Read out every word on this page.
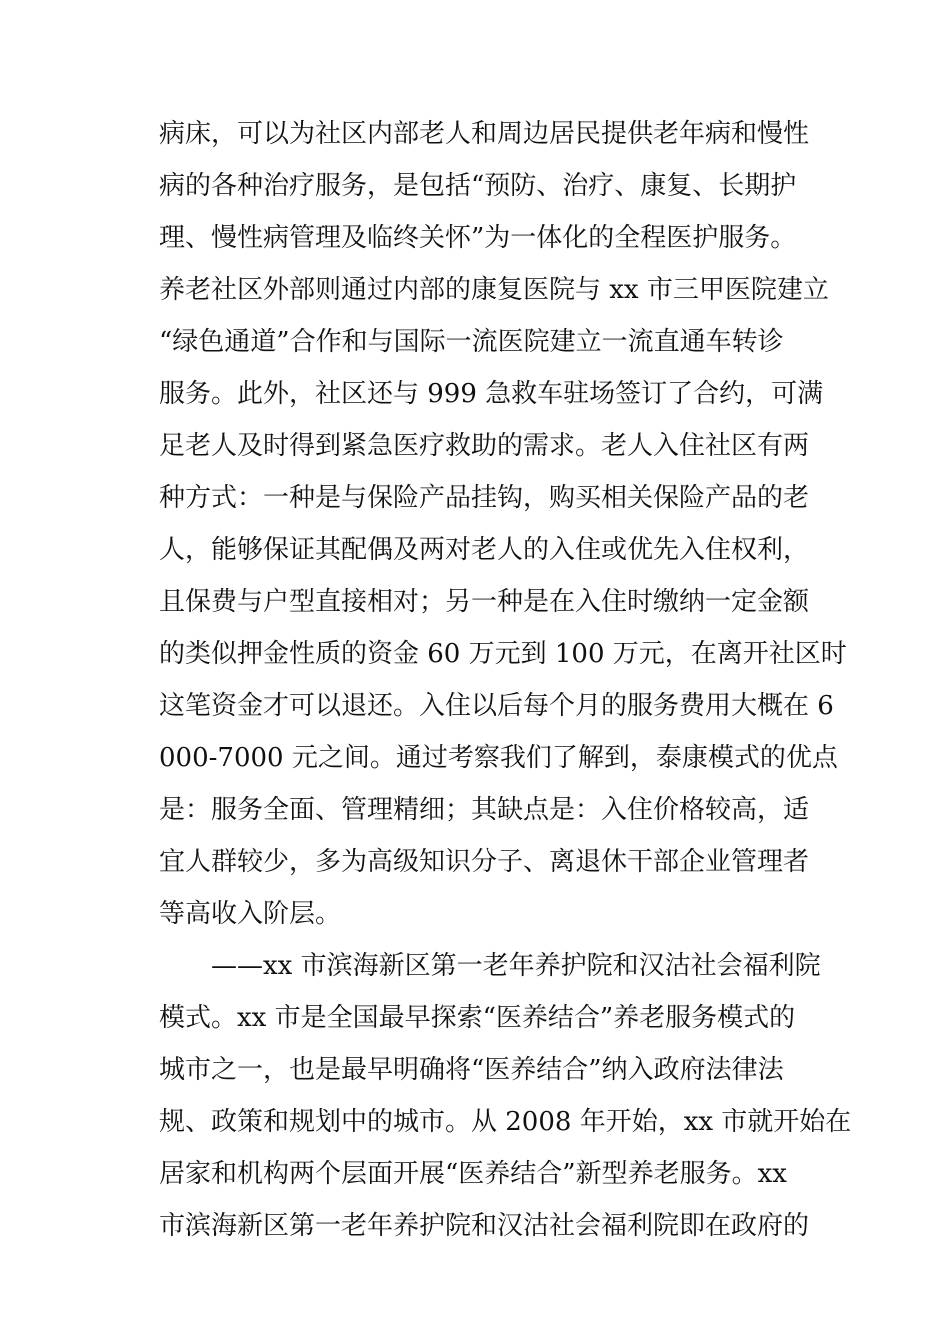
病床，可以为社区内部老人和周边居民提供老年病和慢性
病的各种治疗服务，是包括“预防、治疗、康复、长期护
理、慢性病管理及临终关怀”为一体化的全程医护服务。
养老社区外部则通过内部的康复医院与 xx 市三甲医院建立
“绿色通道”合作和与国际一流医院建立一流直通车转诊
服务。此外，社区还与 999 急救车驻场签订了合约，可满
足老人及时得到紧急医疗救助的需求。老人入住社区有两
种方式：一种是与保险产品挂钩，购买相关保险产品的老
人，能够保证其配偶及两对老人的入住或优先入住权利，
且保费与户型直接相对；另一种是在入住时缴纳一定金额
的类似押金性质的资金 60 万元到 100 万元，在离开社区时
这笔资金才可以退还。入住以后每个月的服务费用大概在 6
000-7000 元之间。通过考察我们了解到，泰康模式的优点
是：服务全面、管理精细；其缺点是：入住价格较高，适
宜人群较少，多为高级知识分子、离退休干部企业管理者
等高收入阶层。
——xx 市滨海新区第一老年养护院和汉沽社会福利院
模式。xx 市是全国最早探索“医养结合”养老服务模式的
城市之一，也是最早明确将“医养结合”纳入政府法律法
规、政策和规划中的城市。从 2008 年开始，xx 市就开始在
居家和机构两个层面开展“医养结合”新型养老服务。xx
市滨海新区第一老年养护院和汉沽社会福利院即在政府的
